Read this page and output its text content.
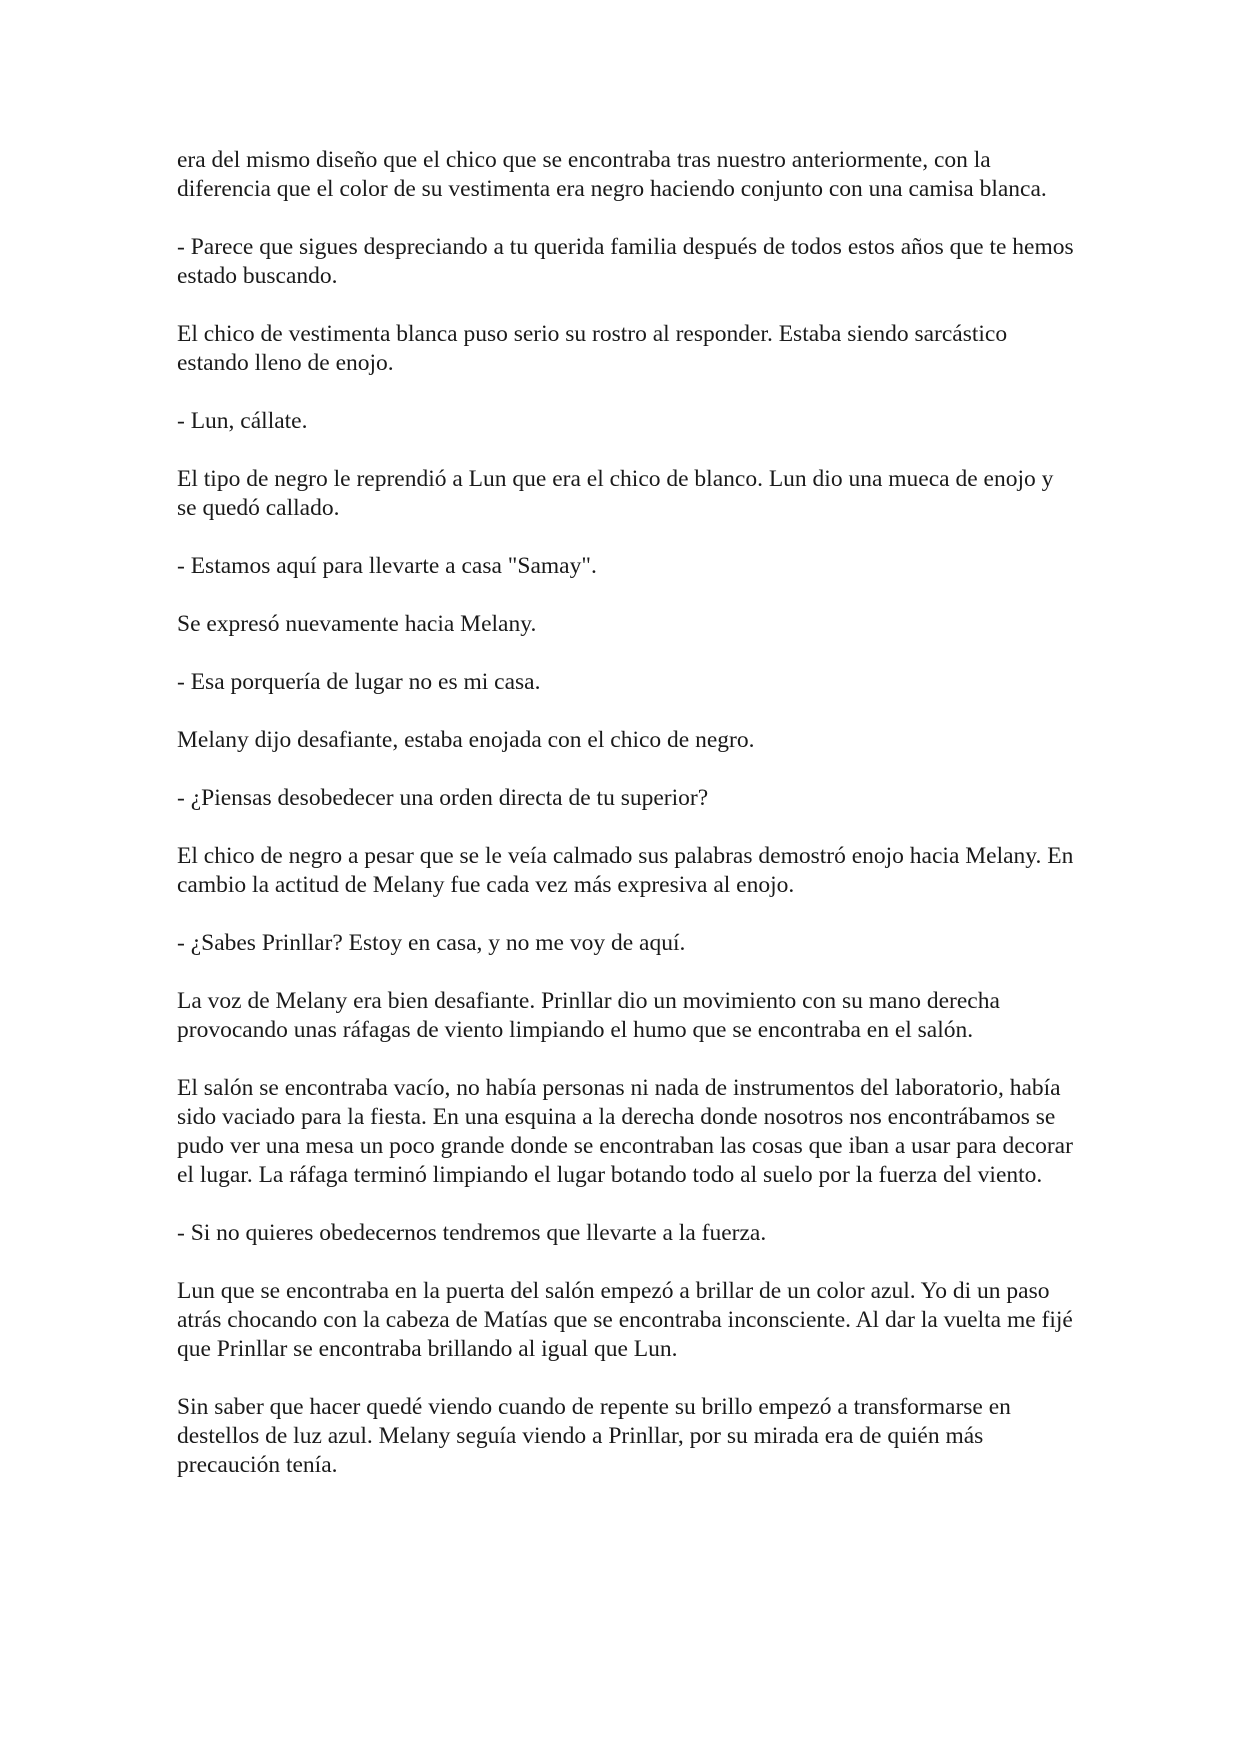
era del mismo diseño que el chico que se encontraba tras nuestro anteriormente, con la diferencia que el color de su vestimenta era negro haciendo conjunto con una camisa blanca.

- Parece que sigues despreciando a tu querida familia después de todos estos años que te hemos estado buscando.

El chico de vestimenta blanca puso serio su rostro al responder. Estaba siendo sarcástico estando lleno de enojo.

- Lun, cállate.

El tipo de negro le reprendió a Lun que era el chico de blanco. Lun dio una mueca de enojo y se quedó callado.

- Estamos aquí para llevarte a casa "Samay".

Se expresó nuevamente hacia Melany.

- Esa porquería de lugar no es mi casa.

Melany dijo desafiante, estaba enojada con el chico de negro.

- ¿Piensas desobedecer una orden directa de tu superior?

El chico de negro a pesar que se le veía calmado sus palabras demostró enojo hacia Melany. En cambio la actitud de Melany fue cada vez más expresiva al enojo.

- ¿Sabes Prinllar? Estoy en casa, y no me voy de aquí.

La voz de Melany era bien desafiante. Prinllar dio un movimiento con su mano derecha provocando unas ráfagas de viento limpiando el humo que se encontraba en el salón.

El salón se encontraba vacío, no había personas ni nada de instrumentos del laboratorio, había sido vaciado para la fiesta. En una esquina a la derecha donde nosotros nos encontrábamos se pudo ver una mesa un poco grande donde se encontraban las cosas que iban a usar para decorar el lugar. La ráfaga terminó limpiando el lugar botando todo al suelo por la fuerza del viento.

- Si no quieres obedecernos tendremos que llevarte a la fuerza.

Lun que se encontraba en la puerta del salón empezó a brillar de un color azul. Yo di un paso atrás chocando con la cabeza de Matías que se encontraba inconsciente. Al dar la vuelta me fijé que Prinllar se encontraba brillando al igual que Lun.

Sin saber que hacer quedé viendo cuando de repente su brillo empezó a transformarse en destellos de luz azul. Melany seguía viendo a Prinllar, por su mirada era de quién más precaución tenía.
